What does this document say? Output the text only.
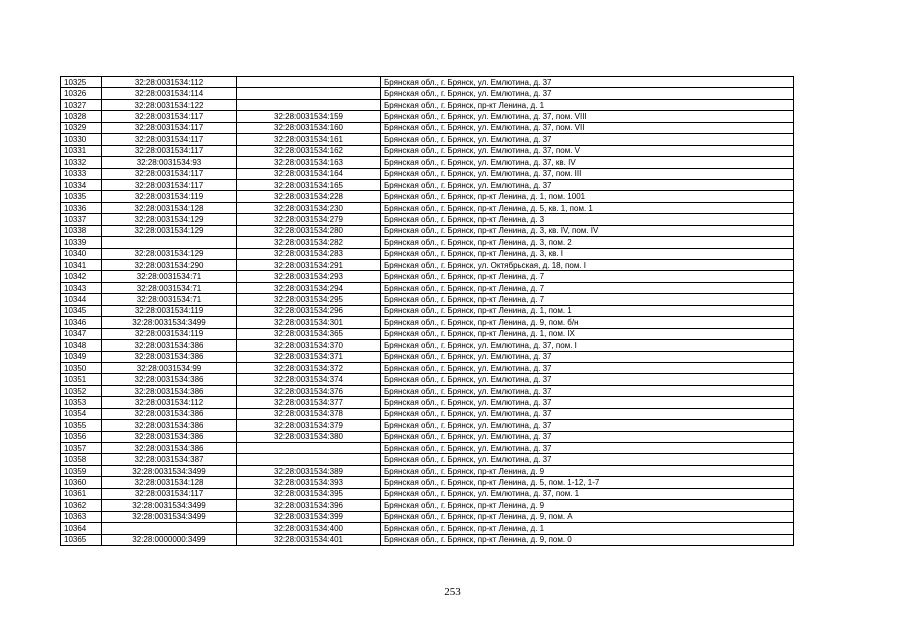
10325	32:28:0031534:112		Брянская обл., г. Брянск, ул. Емлютина, д. 37
10326	32:28:0031534:114		Брянская обл., г. Брянск, ул. Емлютина, д. 37
10327	32:28:0031534:122		Брянская обл., г. Брянск, пр-кт Ленина, д. 1
10328	32:28:0031534:117	32:28:0031534:159	Брянская обл., г. Брянск, ул. Емлютина, д. 37, пом. VIII
10329	32:28:0031534:117	32:28:0031534:160	Брянская обл., г. Брянск, ул. Емлютина, д. 37, пом. VII
10330	32:28:0031534:117	32:28:0031534:161	Брянская обл., г. Брянск, ул. Емлютина, д. 37
10331	32:28:0031534:117	32:28:0031534:162	Брянская обл., г. Брянск, ул. Емлютина, д. 37, пом. V
10332	32:28:0031534:93	32:28:0031534:163	Брянская обл., г. Брянск, ул. Емлютина, д. 37, кв. IV
10333	32:28:0031534:117	32:28:0031534:164	Брянская обл., г. Брянск, ул. Емлютина, д. 37, пом. III
10334	32:28:0031534:117	32:28:0031534:165	Брянская обл., г. Брянск, ул. Емлютина, д. 37
10335	32:28:0031534:119	32:28:0031534:228	Брянская обл., г. Брянск, пр-кт Ленина, д. 1, пом. 1001
10336	32:28:0031534:128	32:28:0031534:230	Брянская обл., г. Брянск, пр-кт Ленина, д. 5, кв. 1, пом. 1
10337	32:28:0031534:129	32:28:0031534:279	Брянская обл., г. Брянск, пр-кт Ленина, д. 3
10338	32:28:0031534:129	32:28:0031534:280	Брянская обл., г. Брянск, пр-кт Ленина, д. 3, кв. IV, пом. IV
10339		32:28:0031534:282	Брянская обл., г. Брянск, пр-кт Ленина, д. 3, пом. 2
10340	32:28:0031534:129	32:28:0031534:283	Брянская обл., г. Брянск, пр-кт Ленина, д. 3, кв. I
10341	32:28:0031534:290	32:28:0031534:291	Брянская обл., г. Брянск, ул. Октябрьская, д. 18, пом. I
10342	32:28:0031534:71	32:28:0031534:293	Брянская обл., г. Брянск, пр-кт Ленина, д. 7
10343	32:28:0031534:71	32:28:0031534:294	Брянская обл., г. Брянск, пр-кт Ленина, д. 7
10344	32:28:0031534:71	32:28:0031534:295	Брянская обл., г. Брянск, пр-кт Ленина, д. 7
10345	32:28:0031534:119	32:28:0031534:296	Брянская обл., г. Брянск, пр-кт Ленина, д. 1, пом. 1
10346	32:28:0031534:3499	32:28:0031534:301	Брянская обл., г. Брянск, пр-кт Ленина, д. 9, пом. б/н
10347	32:28:0031534:119	32:28:0031534:365	Брянская обл., г. Брянск, пр-кт Ленина, д. 1, пом. IX
10348	32:28:0031534:386	32:28:0031534:370	Брянская обл., г. Брянск, ул. Емлютина, д. 37, пом. I
10349	32:28:0031534:386	32:28:0031534:371	Брянская обл., г. Брянск, ул. Емлютина, д. 37
10350	32:28:0031534:99	32:28:0031534:372	Брянская обл., г. Брянск, ул. Емлютина, д. 37
10351	32:28:0031534:386	32:28:0031534:374	Брянская обл., г. Брянск, ул. Емлютина, д. 37
10352	32:28:0031534:386	32:28:0031534:376	Брянская обл., г. Брянск, ул. Емлютина, д. 37
10353	32:28:0031534:112	32:28:0031534:377	Брянская обл., г. Брянск, ул. Емлютина, д. 37
10354	32:28:0031534:386	32:28:0031534:378	Брянская обл., г. Брянск, ул. Емлютина, д. 37
10355	32:28:0031534:386	32:28:0031534:379	Брянская обл., г. Брянск, ул. Емлютина, д. 37
10356	32:28:0031534:386	32:28:0031534:380	Брянская обл., г. Брянск, ул. Емлютина, д. 37
10357	32:28:0031534:386		Брянская обл., г. Брянск, ул. Емлютина, д. 37
10358	32:28:0031534:387		Брянская обл., г. Брянск, ул. Емлютина, д. 37
10359	32:28:0031534:3499	32:28:0031534:389	Брянская обл., г. Брянск, пр-кт Ленина, д. 9
10360	32:28:0031534:128	32:28:0031534:393	Брянская обл., г. Брянск, пр-кт Ленина, д. 5, пом. 1-12, 1-7
10361	32:28:0031534:117	32:28:0031534:395	Брянская обл., г. Брянск, ул. Емлютина, д. 37, пом. 1
10362	32:28:0031534:3499	32:28:0031534:396	Брянская обл., г. Брянск, пр-кт Ленина, д. 9
10363	32:28:0031534:3499	32:28:0031534:399	Брянская обл., г. Брянск, пр-кт Ленина, д. 9, пом. А
10364		32:28:0031534:400	Брянская обл., г. Брянск, пр-кт Ленина, д. 1
10365	32:28:0000000:3499	32:28:0031534:401	Брянская обл., г. Брянск, пр-кт Ленина, д. 9, пом. 0
253
